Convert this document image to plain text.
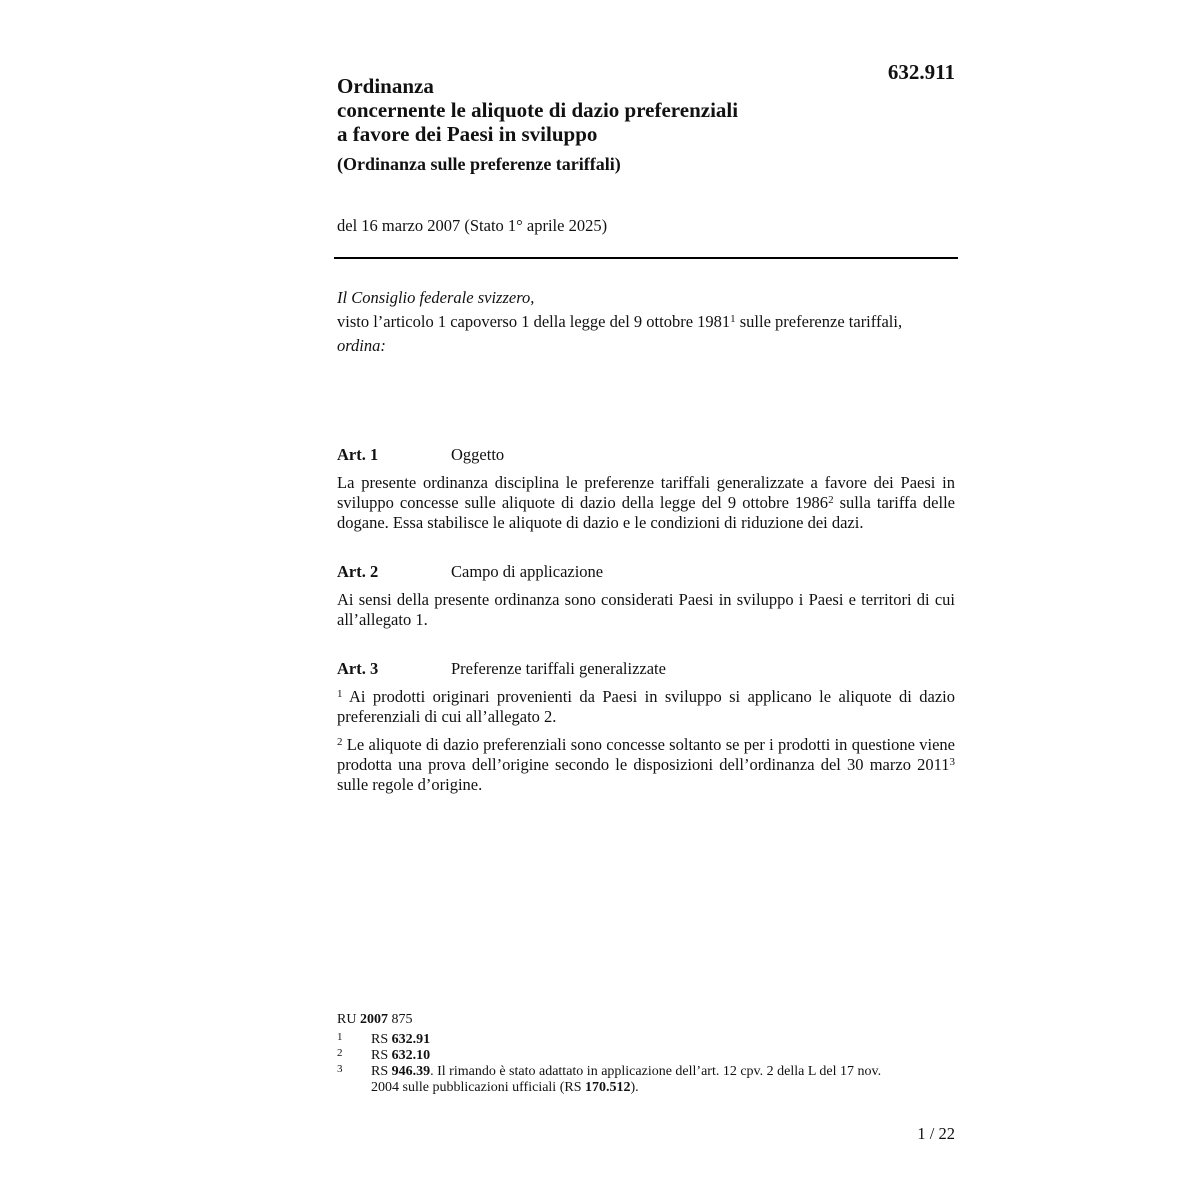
632.911
Ordinanza
concernente le aliquote di dazio preferenziali
a favore dei Paesi in sviluppo
(Ordinanza sulle preferenze tariffali)
del 16 marzo 2007 (Stato 1° aprile 2025)

Il Consiglio federale svizzero,

visto l’articolo 1 capoverso 1 della legge del 9 ottobre 1981$^1$ sulle preferenze tariffali,

ordina:

Art. 1	Oggetto

La presente ordinanza disciplina le preferenze tariffali generalizzate a favore dei Paesi in sviluppo concesse sulle aliquote di dazio della legge del 9 ottobre 1986$^2$ sulla tariffa delle dogane. Essa stabilisce le aliquote di dazio e le condizioni di riduzione dei dazi.

Art. 2	Campo di applicazione

Ai sensi della presente ordinanza sono considerati Paesi in sviluppo i Paesi e territori di cui all’allegato 1.

Art. 3	Preferenze tariffali generalizzate

$^1$ Ai prodotti originari provenienti da Paesi in sviluppo si applicano le aliquote di dazio preferenziali di cui all’allegato 2.

$^2$ Le aliquote di dazio preferenziali sono concesse soltanto se per i prodotti in questione viene prodotta una prova dell’origine secondo le disposizioni dell’ordinanza del 30 marzo 2011$^3$ sulle regole d’origine.

RU 2007 875
1 RS 632.91
2 RS 632.10
3 RS 946.39. Il rimando è stato adattato in applicazione dell’art. 12 cpv. 2 della L del 17 nov. 2004 sulle pubblicazioni ufficiali (RS 170.512).
1 / 22
